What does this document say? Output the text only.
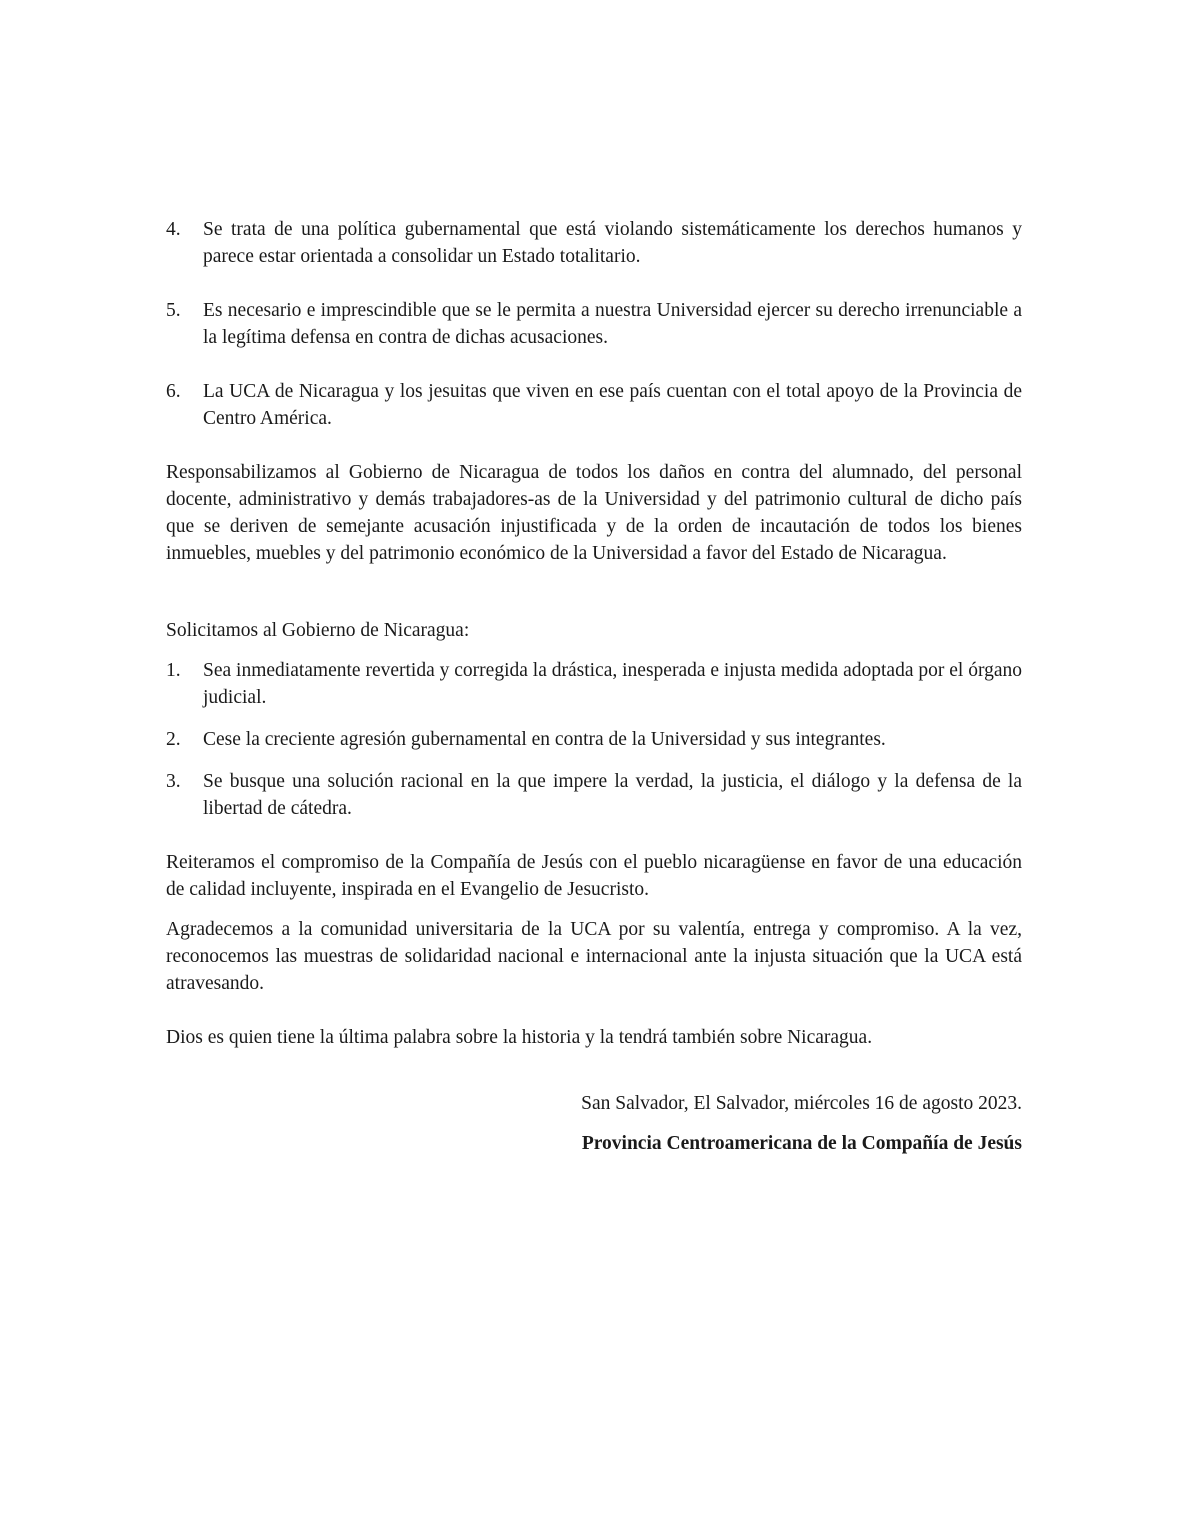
4.	Se trata de una política gubernamental que está violando sistemáticamente los derechos humanos y parece estar orientada a consolidar un Estado totalitario.
5.	Es necesario e imprescindible que se le permita a nuestra Universidad ejercer su derecho irrenunciable a la legítima defensa en contra de dichas acusaciones.
6.	La UCA de Nicaragua y los jesuitas que viven en ese país cuentan con el total apoyo de la Provincia de Centro América.

Responsabilizamos al Gobierno de Nicaragua de todos los daños en contra del alumnado, del personal docente, administrativo y demás trabajadores-as de la Universidad y del patrimonio cultural de dicho país que se deriven de semejante acusación injustificada y de la orden de incautación de todos los bienes inmuebles, muebles y del patrimonio económico de la Universidad a favor del Estado de Nicaragua.

Solicitamos al Gobierno de Nicaragua:

1.	Sea inmediatamente revertida y corregida la drástica, inesperada e injusta medida adoptada por el órgano judicial.
2.	Cese la creciente agresión gubernamental en contra de la Universidad y sus integrantes.
3.	Se busque una solución racional en la que impere la verdad, la justicia, el diálogo y la defensa de la libertad de cátedra.

Reiteramos el compromiso de la Compañía de Jesús con el pueblo nicaragüense en favor de una educación de calidad incluyente, inspirada en el Evangelio de Jesucristo.

Agradecemos a la comunidad universitaria de la UCA por su valentía, entrega y compromiso. A la vez, reconocemos las muestras de solidaridad nacional e internacional ante la injusta situación que la UCA está atravesando.

Dios es quien tiene la última palabra sobre la historia y la tendrá también sobre Nicaragua.

San Salvador, El Salvador, miércoles 16 de agosto 2023.

Provincia Centroamericana de la Compañía de Jesús
